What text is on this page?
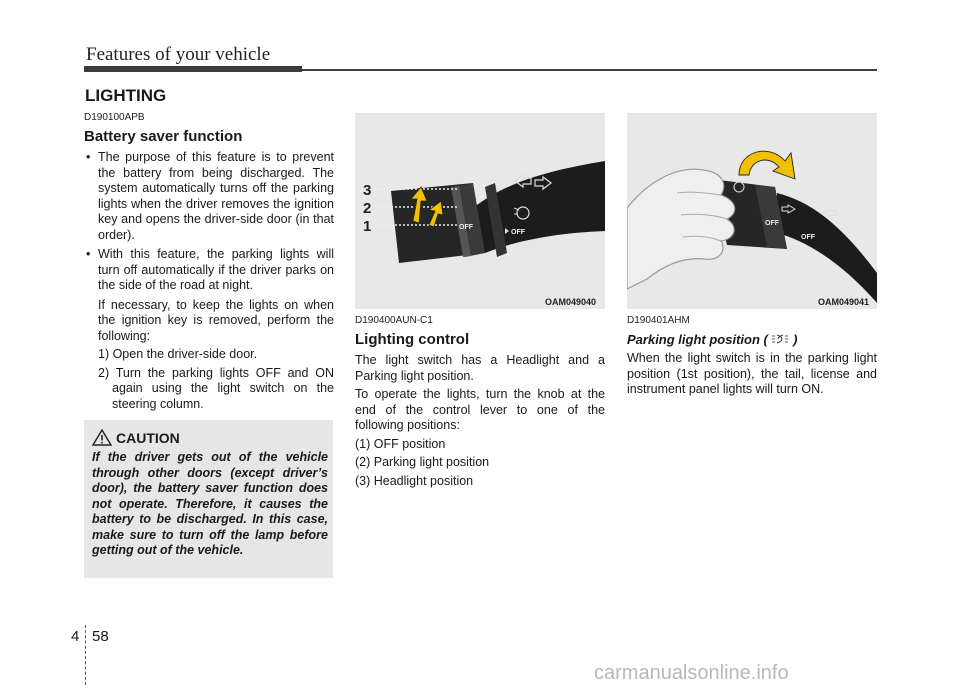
Features of your vehicle
LIGHTING
D190100APB
Battery saver function
• The purpose of this feature is to prevent the battery from being discharged. The system automatically turns off the parking lights when the driver removes the ignition key and opens the driver-side door (in that order).
• With this feature, the parking lights will turn off automatically if the driver parks on the side of the road at night.
If necessary, to keep the lights on when the ignition key is removed, perform the following:
1) Open the driver-side door.
2) Turn the parking lights OFF and ON again using the light switch on the steering column.
CAUTION
If the driver gets out of the vehicle through other doors (except driver’s door), the battery saver function does not operate. Therefore, it causes the battery to be discharged. In this case, make sure to turn off the lamp before getting out of the vehicle.
3
2
1	OFF
OFF
OAM049040
OFF
OFF
OAM049041
D190400AUN-C1
Lighting control
The light switch has a Headlight and a Parking light position.
To operate the lights, turn the knob at the end of the control lever to one of the following positions:
(1) OFF position
(2) Parking light position
(3) Headlight position
D190401AHM
Parking light position ( )
When the light switch is in the parking light position (1st position), the tail, license and instrument panel lights will turn ON.
4 58
carmanualsonline.info
